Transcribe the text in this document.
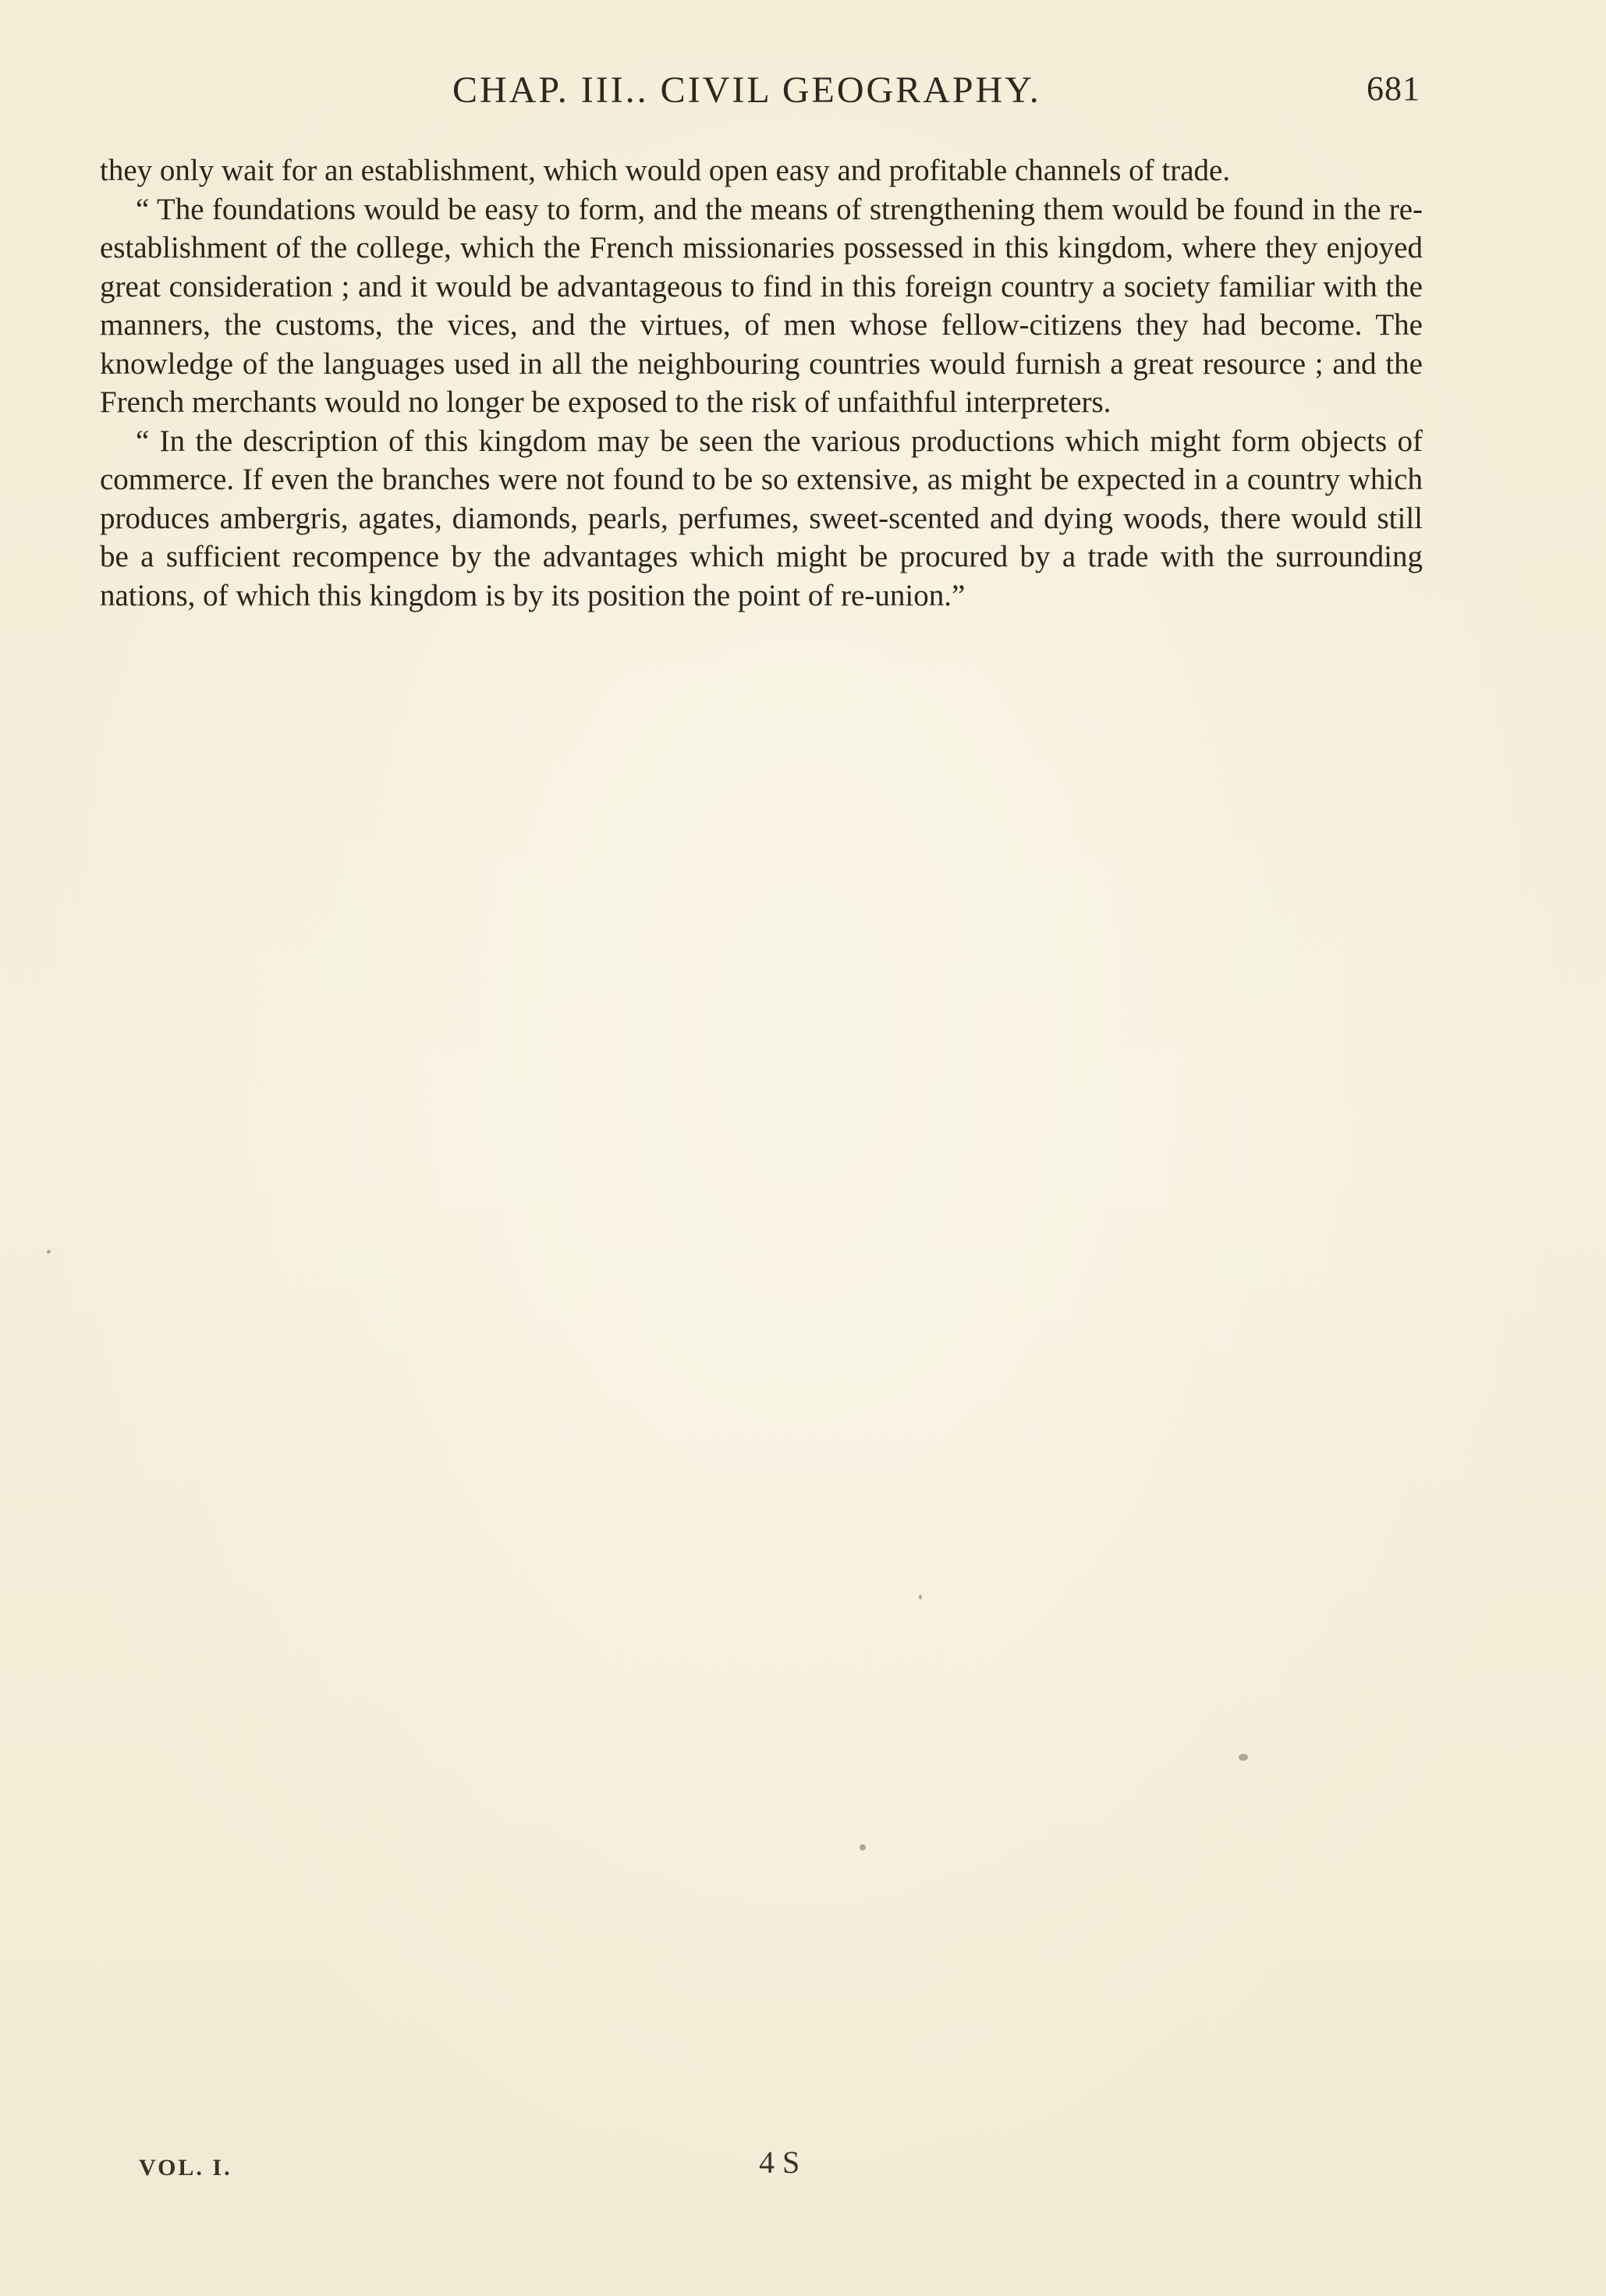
CHAP. III.. CIVIL GEOGRAPHY.	681

they only wait for an establishment, which would open easy and profitable channels of trade.

“ The foundations would be easy to form, and the means of strengthening them would be found in the re-establishment of the college, which the French missionaries possessed in this kingdom, where they enjoyed great consideration ; and it would be advantageous to find in this foreign country a society familiar with the manners, the customs, the vices, and the virtues, of men whose fellow-citizens they had become. The knowledge of the languages used in all the neighbouring countries would furnish a great resource ; and the French merchants would no longer be exposed to the risk of unfaithful interpreters.

“ In the description of this kingdom may be seen the various productions which might form objects of commerce. If even the branches were not found to be so extensive, as might be expected in a country which produces ambergris, agates, diamonds, pearls, perfumes, sweet-scented and dying woods, there would still be a sufficient recompence by the advantages which might be procured by a trade with the surrounding nations, of which this kingdom is by its position the point of re-union.”

VOL. I.	4 S
